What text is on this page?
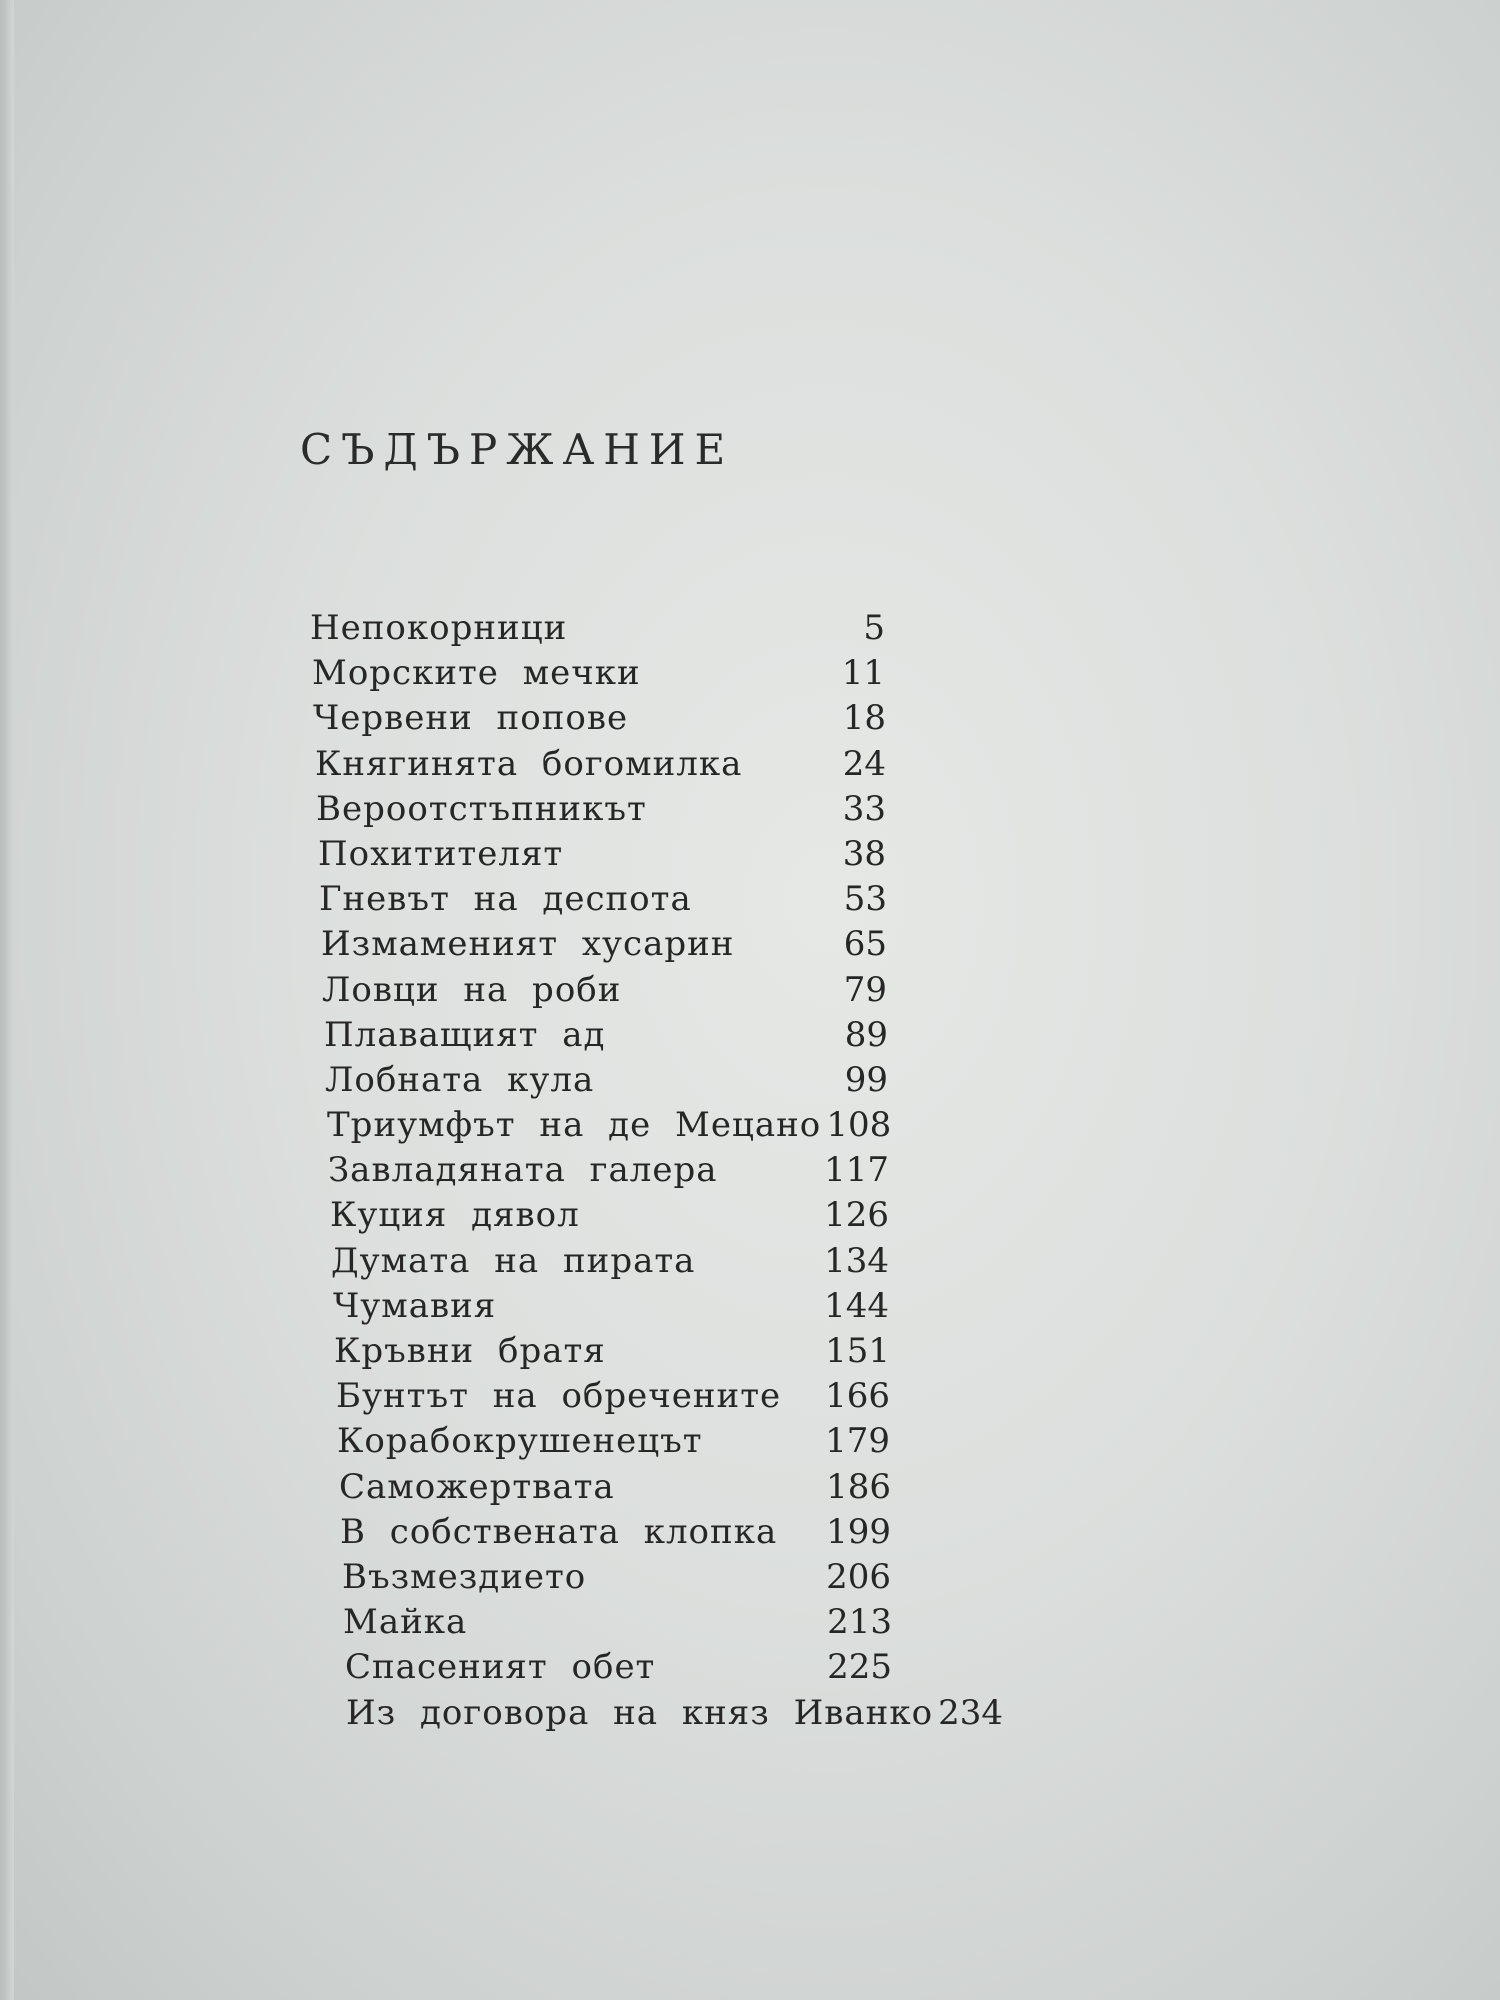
СЪДЪРЖАНИЕ
Непокорници	5
Морските мечки	11
Червени попове	18
Княгинята богомилка	24
Вероотстъпникът	33
Похитителят	38
Гневът на деспота	53
Измамeният хусарин	65
Ловци на роби	79
Плаващият ад	89
Лобната кула	99
Триумфът на де Мецано 108
Завладяната галера	117
Куция дявол	126
Думата на пирата	134
Чумавия	144
Кръвни братя	151
Бунтът на обречените 166
Корабокрушенецът	179
Саможертвата	186
В собствената клопка 199
Възмездието	206
Майка	213
Спасеният обет	225
Из договора на княз Иванко 234
